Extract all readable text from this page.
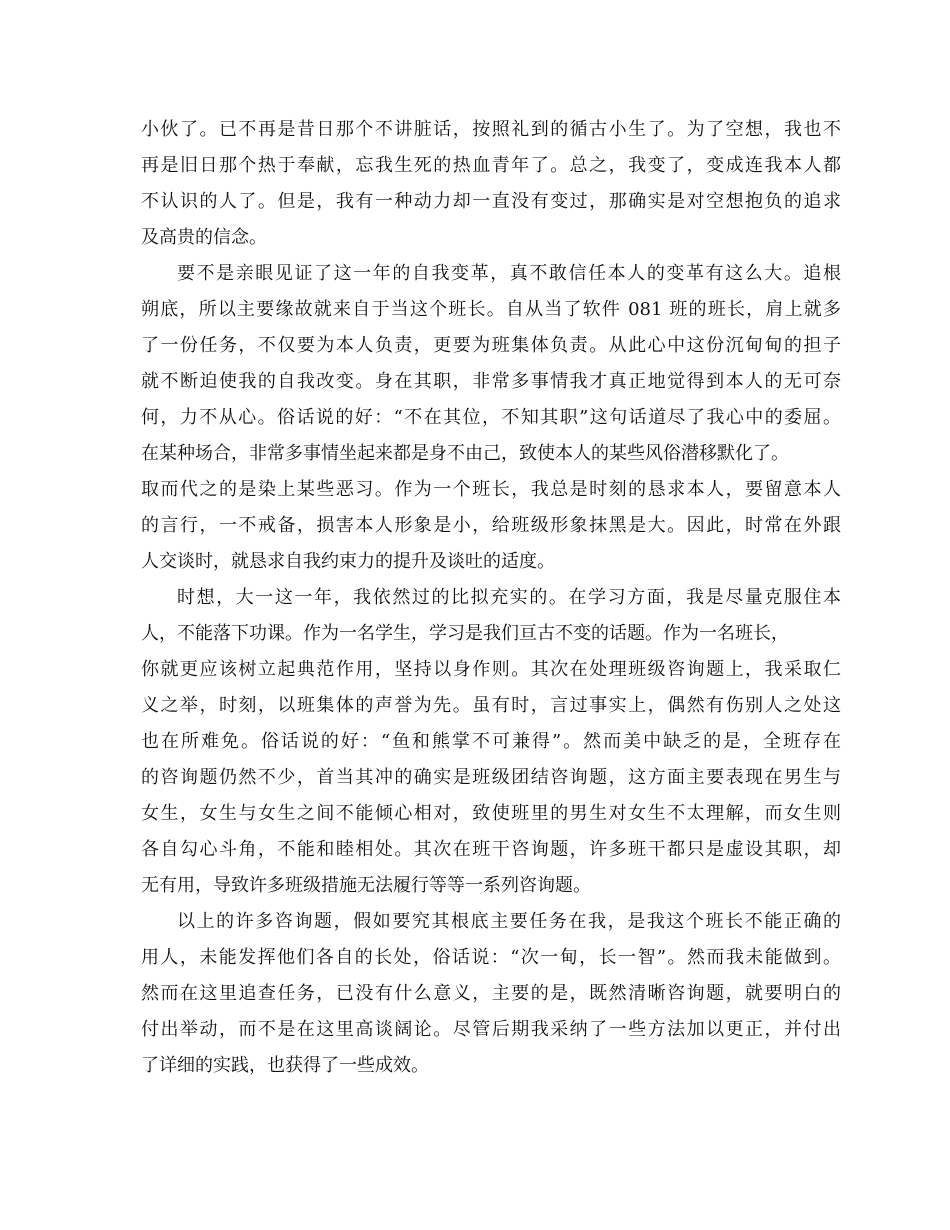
小伙了。已不再是昔日那个不讲脏话，按照礼到的循古小生了。为了空想，我也不
再是旧日那个热于奉献，忘我生死的热血青年了。总之，我变了，变成连我本人都
不认识的人了。但是，我有一种动力却一直没有变过，那确实是对空想抱负的追求
及高贵的信念。
要不是亲眼见证了这一年的自我变革，真不敢信任本人的变革有这么大。追根
朔底，所以主要缘故就来自于当这个班长。自从当了软件 081 班的班长，肩上就多
了一份任务，不仅要为本人负责，更要为班集体负责。从此心中这份沉甸甸的担子
就不断迫使我的自我改变。身在其职，非常多事情我才真正地觉得到本人的无可奈
何，力不从心。俗话说的好：“不在其位，不知其职”这句话道尽了我心中的委屈。
在某种场合，非常多事情坐起来都是身不由己，致使本人的某些风俗潜移默化了。
取而代之的是染上某些恶习。作为一个班长，我总是时刻的恳求本人，要留意本人
的言行，一不戒备，损害本人形象是小，给班级形象抹黑是大。因此，时常在外跟
人交谈时，就恳求自我约束力的提升及谈吐的适度。
时想，大一这一年，我依然过的比拟充实的。在学习方面，我是尽量克服住本
人，不能落下功课。作为一名学生，学习是我们亘古不变的话题。作为一名班长，
你就更应该树立起典范作用，坚持以身作则。其次在处理班级咨询题上，我采取仁
义之举，时刻，以班集体的声誉为先。虽有时，言过事实上，偶然有伤别人之处这
也在所难免。俗话说的好：“鱼和熊掌不可兼得”。然而美中缺乏的是，全班存在
的咨询题仍然不少，首当其冲的确实是班级团结咨询题，这方面主要表现在男生与
女生，女生与女生之间不能倾心相对，致使班里的男生对女生不太理解，而女生则
各自勾心斗角，不能和睦相处。其次在班干咨询题，许多班干都只是虚设其职，却
无有用，导致许多班级措施无法履行等等一系列咨询题。
以上的许多咨询题，假如要究其根底主要任务在我，是我这个班长不能正确的
用人，未能发挥他们各自的长处，俗话说：“次一甸，长一智”。然而我未能做到。
然而在这里追查任务，已没有什么意义，主要的是，既然清晰咨询题，就要明白的
付出举动，而不是在这里高谈阔论。尽管后期我采纳了一些方法加以更正，并付出
了详细的实践，也获得了一些成效。
